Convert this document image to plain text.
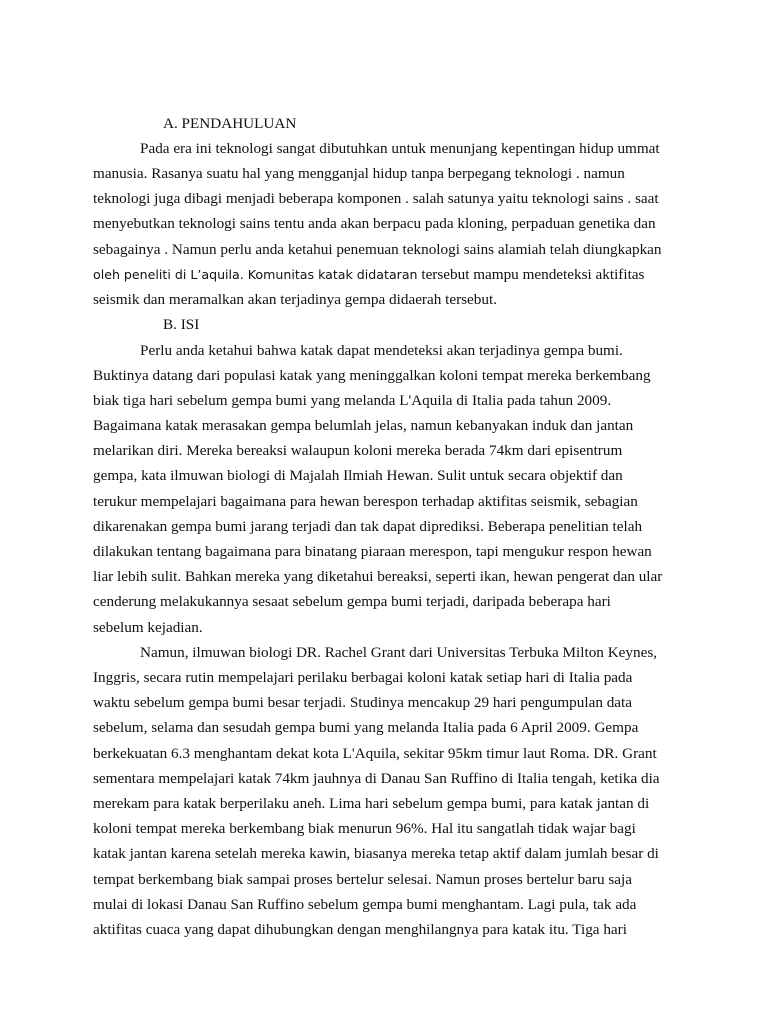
A. PENDAHULUAN
Pada era ini teknologi sangat dibutuhkan untuk menunjang kepentingan hidup ummat
manusia. Rasanya suatu hal yang mengganjal hidup tanpa berpegang teknologi . namun
teknologi juga dibagi menjadi beberapa komponen . salah satunya yaitu teknologi sains . saat
menyebutkan teknologi sains tentu anda akan berpacu pada kloning, perpaduan genetika dan
sebagainya . Namun perlu anda ketahui penemuan teknologi sains alamiah telah diungkapkan
oleh peneliti di L’aquila. Komunitas katak didataran tersebut mampu mendeteksi aktifitas
seismik dan meramalkan akan terjadinya gempa didaerah tersebut.
B. ISI
Perlu anda ketahui bahwa katak dapat mendeteksi akan terjadinya gempa bumi.
Buktinya datang dari populasi katak yang meninggalkan koloni tempat mereka berkembang
biak tiga hari sebelum gempa bumi yang melanda L'Aquila di Italia pada tahun 2009.
Bagaimana katak merasakan gempa belumlah jelas, namun kebanyakan induk dan jantan
melarikan diri. Mereka bereaksi walaupun koloni mereka berada 74km dari episentrum
gempa, kata ilmuwan biologi di Majalah Ilmiah Hewan. Sulit untuk secara objektif dan
terukur mempelajari bagaimana para hewan berespon terhadap aktifitas seismik, sebagian
dikarenakan gempa bumi jarang terjadi dan tak dapat diprediksi. Beberapa penelitian telah
dilakukan tentang bagaimana para binatang piaraan merespon, tapi mengukur respon hewan
liar lebih sulit. Bahkan mereka yang diketahui bereaksi, seperti ikan, hewan pengerat dan ular
cenderung melakukannya sesaat sebelum gempa bumi terjadi, daripada beberapa hari
sebelum kejadian.
Namun, ilmuwan biologi DR. Rachel Grant dari Universitas Terbuka Milton Keynes,
Inggris, secara rutin mempelajari perilaku berbagai koloni katak setiap hari di Italia pada
waktu sebelum gempa bumi besar terjadi. Studinya mencakup 29 hari pengumpulan data
sebelum, selama dan sesudah gempa bumi yang melanda Italia pada 6 April 2009. Gempa
berkekuatan 6.3 menghantam dekat kota L'Aquila, sekitar 95km timur laut Roma. DR. Grant
sementara mempelajari katak 74km jauhnya di Danau San Ruffino di Italia tengah, ketika dia
merekam para katak berperilaku aneh. Lima hari sebelum gempa bumi, para katak jantan di
koloni tempat mereka berkembang biak menurun 96%. Hal itu sangatlah tidak wajar bagi
katak jantan karena setelah mereka kawin, biasanya mereka tetap aktif dalam jumlah besar di
tempat berkembang biak sampai proses bertelur selesai. Namun proses bertelur baru saja
mulai di lokasi Danau San Ruffino sebelum gempa bumi menghantam. Lagi pula, tak ada
aktifitas cuaca yang dapat dihubungkan dengan menghilangnya para katak itu. Tiga hari
